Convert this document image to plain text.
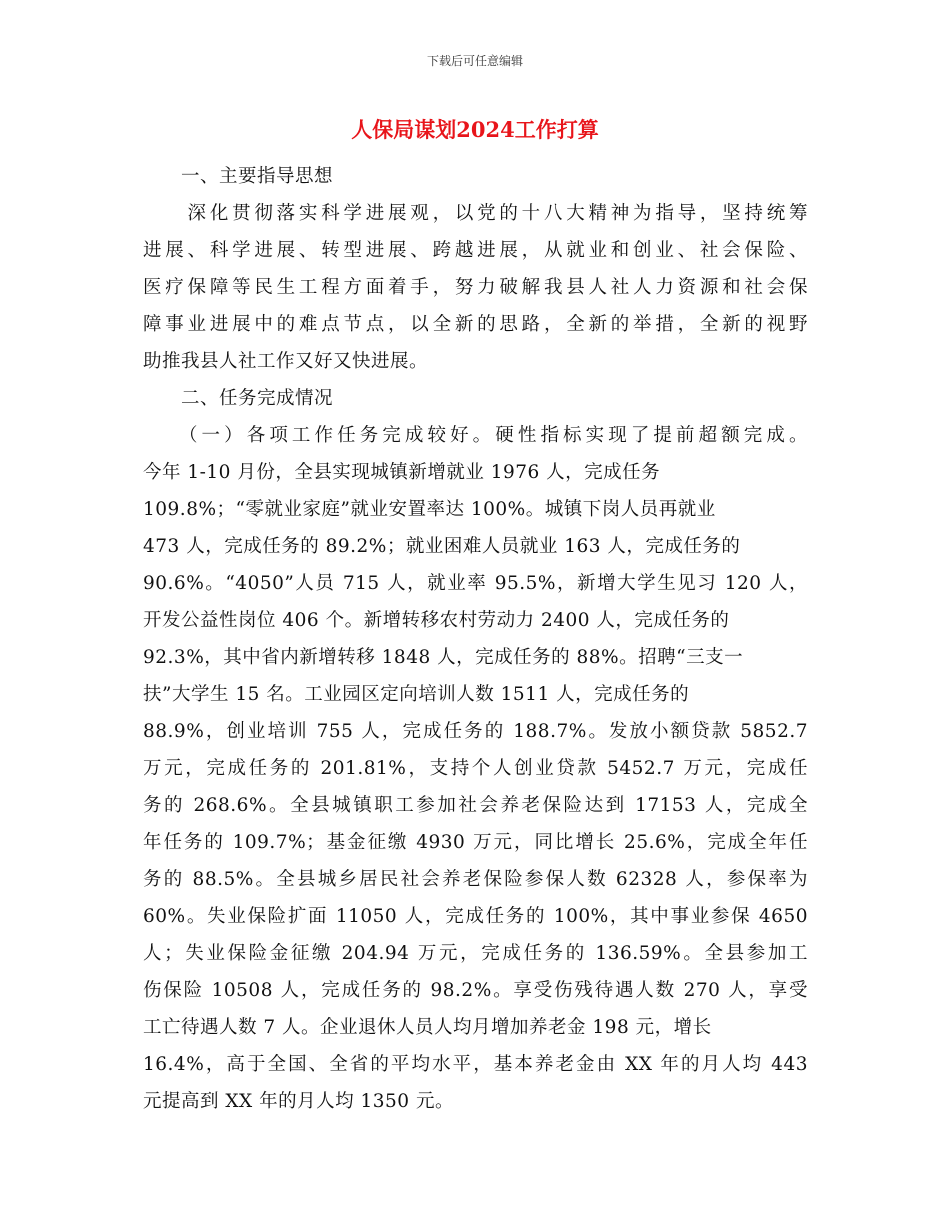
下载后可任意编辑
人保局谋划2024工作打算
　　一、主要指导思想
　　深化贯彻落实科学进展观，以党的十八大精神为指导，坚持统筹
进展、科学进展、转型进展、跨越进展，从就业和创业、社会保险、
医疗保障等民生工程方面着手，努力破解我县人社人力资源和社会保
障事业进展中的难点节点，以全新的思路，全新的举措，全新的视野
助推我县人社工作又好又快进展。
　　二、任务完成情况
　　（一）各项工作任务完成较好。硬性指标实现了提前超额完成。
今年 1-10 月份，全县实现城镇新增就业 1976 人，完成任务
109.8%；“零就业家庭”就业安置率达 100%。城镇下岗人员再就业
473 人，完成任务的 89.2%；就业困难人员就业 163 人，完成任务的
90.6%。“4050”人员 715 人，就业率 95.5%，新增大学生见习 120 人，
开发公益性岗位 406 个。新增转移农村劳动力 2400 人，完成任务的
92.3%，其中省内新增转移 1848 人，完成任务的 88%。招聘“三支一
扶”大学生 15 名。工业园区定向培训人数 1511 人，完成任务的
88.9%，创业培训 755 人，完成任务的 188.7%。发放小额贷款 5852.7
万元，完成任务的 201.81%，支持个人创业贷款 5452.7 万元，完成任
务的 268.6%。全县城镇职工参加社会养老保险达到 17153 人，完成全
年任务的 109.7%；基金征缴 4930 万元，同比增长 25.6%，完成全年任
务的 88.5%。全县城乡居民社会养老保险参保人数 62328 人，参保率为
60%。失业保险扩面 11050 人，完成任务的 100%，其中事业参保 4650
人；失业保险金征缴 204.94 万元，完成任务的 136.59%。全县参加工
伤保险 10508 人，完成任务的 98.2%。享受伤残待遇人数 270 人，享受
工亡待遇人数 7 人。企业退休人员人均月增加养老金 198 元，增长
16.4%，高于全国、全省的平均水平，基本养老金由 XX 年的月人均 443
元提高到 XX 年的月人均 1350 元。
